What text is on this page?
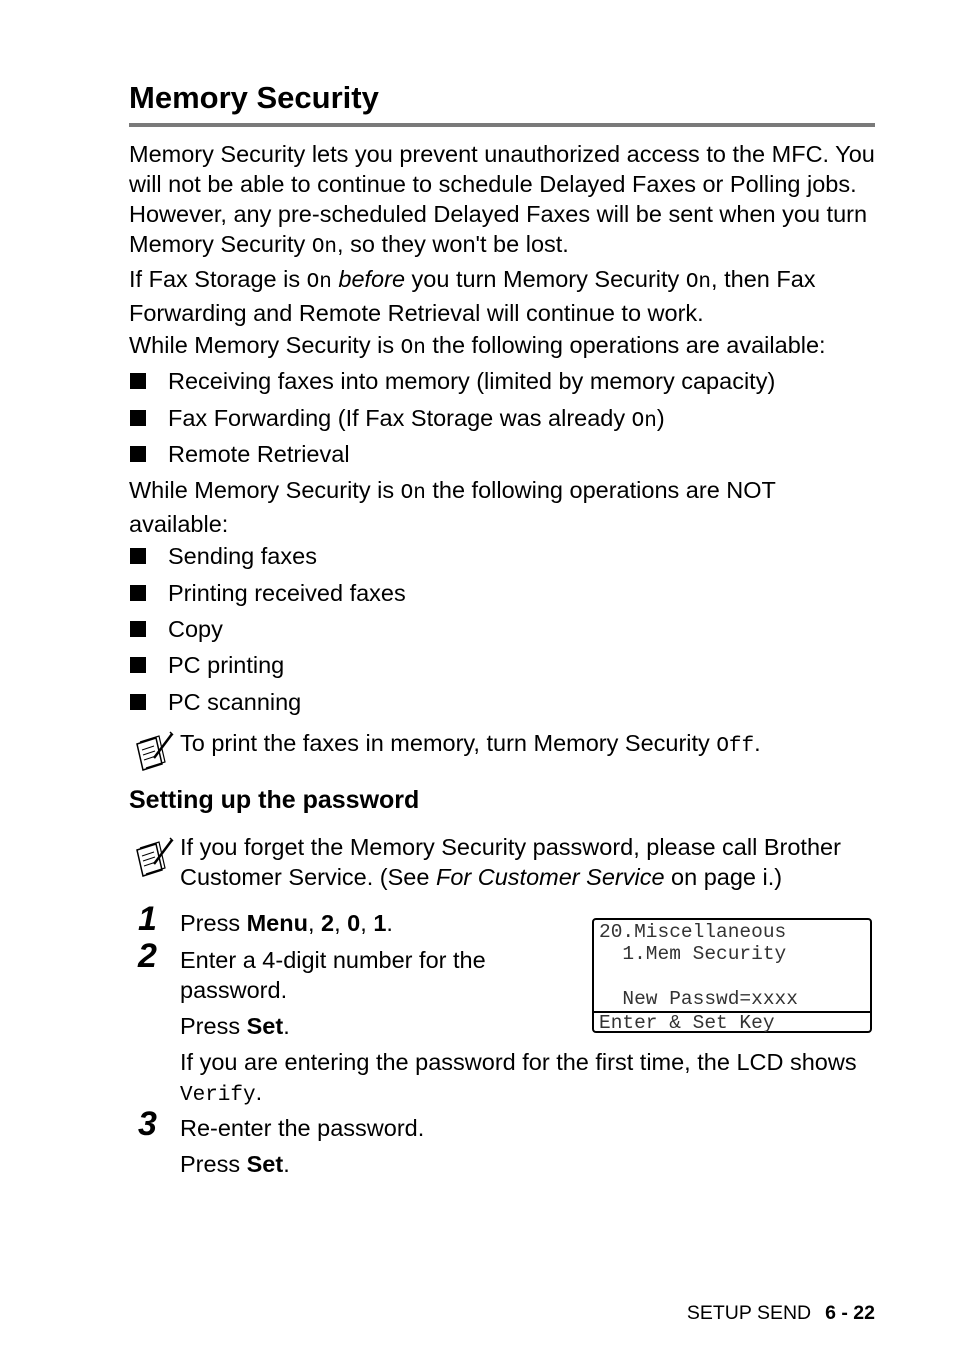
Memory Security

Memory Security lets you prevent unauthorized access to the MFC. You will not be able to continue to schedule Delayed Faxes or Polling jobs. However, any pre-scheduled Delayed Faxes will be sent when you turn Memory Security On, so they won't be lost.

If Fax Storage is On before you turn Memory Security On, then Fax Forwarding and Remote Retrieval will continue to work.

While Memory Security is On the following operations are available:

Receiving faxes into memory (limited by memory capacity)
Fax Forwarding (If Fax Storage was already On)
Remote Retrieval

While Memory Security is On the following operations are NOT available:

Sending faxes
Printing received faxes
Copy
PC printing
PC scanning
To print the faxes in memory, turn Memory Security Off.
Setting up the password
If you forget the Memory Security password, please call Brother Customer Service. (See For Customer Service on page i.)
1 Press Menu, 2, 0, 1.
2 Enter a 4-digit number for the password.
Press Set.
If you are entering the password for the first time, the LCD shows Verify.
3 Re-enter the password.
Press Set.
20.Miscellaneous
1.Mem Security
New Passwd=xxxx
Enter & Set Key
SETUP SEND 6 - 22
